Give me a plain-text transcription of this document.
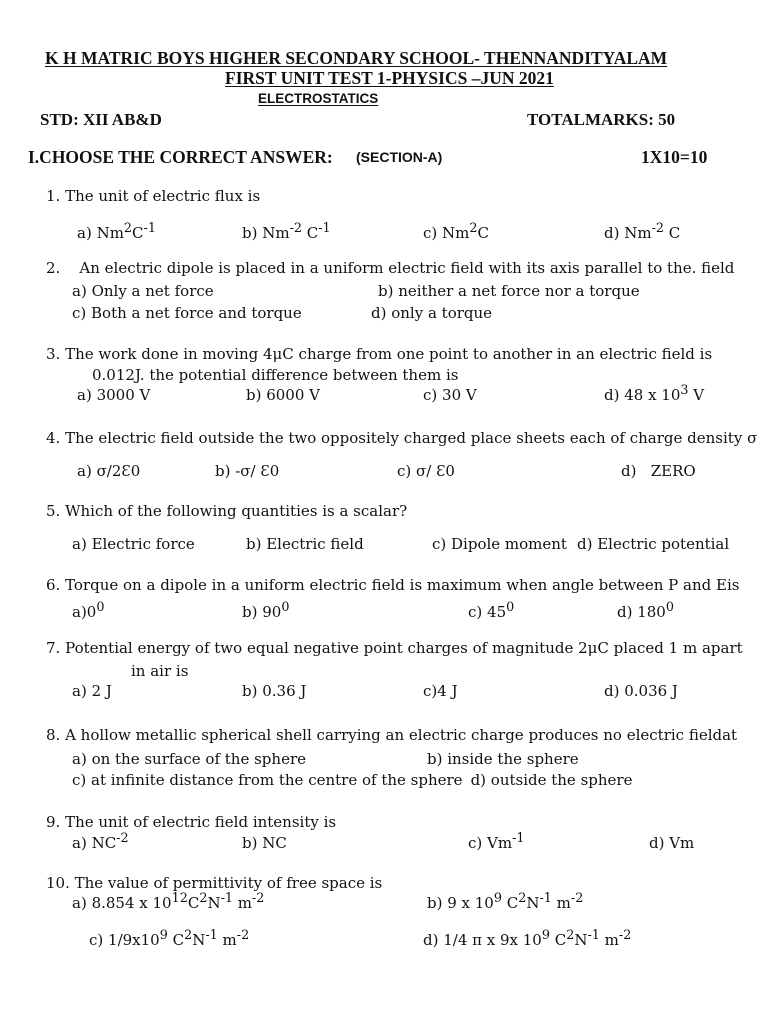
K H MATRIC BOYS HIGHER SECONDARY SCHOOL- THENNANDITYALAM
FIRST UNIT TEST 1-PHYSICS –JUN 2021
ELECTROSTATICS
STD: XII AB&D	TOTALMARKS: 50
I.CHOOSE THE CORRECT ANSWER: (SECTION-A)	1X10=10
1. The unit of electric flux is
a) $Nm^2C^{-1}$	b) $Nm^{-2}$ $C^{-1}$	c) Nm$^2$C	d) $Nm^{-2}$ C
2.    An electric dipole is placed in a uniform electric field with its axis parallel to the. field
a) Only a net force	b) neither a net force nor a torque
c) Both a net force and torque	d) only a torque
3. The work done in moving 4μC charge from one point to another in an electric field is
0.012J. the potential difference between them is
a) 3000 V	b) 6000 V	c) 30 V	d) 48 x $10^3$ V
4. The electric field outside the two oppositely charged place sheets each of charge density σ
a) σ/2Ɛ0	b) -σ/ Ɛ0	c) σ/ Ɛ0	d)   ZERO
5. Which of the following quantities is a scalar?
a) Electric force	b) Electric field	c) Dipole moment d) Electric potential
6. Torque on a dipole in a uniform electric field is maximum when angle between P and Eis
$a)0^0$	b) $90^0$	c) $45^0$	d) $180^0$
7. Potential energy of two equal negative point charges of magnitude 2μC placed 1 m apart
in air is
a) 2 J	b) 0.36 J	c)4 J	d) 0.036 J
8. A hollow metallic spherical shell carrying an electric charge produces no electric fieldat
a) on the surface of the sphere	b) inside the sphere
c) at infinite distance from the centre of the sphere d) outside the sphere
9. The unit of electric field intensity is
a) $NC^{-2}$	b) NC	c) $Vm^{-1}$	d) Vm
10. The value of permittivity of free space is
a) 8.854 x $10^{12}C^2N^{-1}$ $m^{-2}$	b) 9 x $10^9$ $C^2N^{-1}$ $m^{-2}$
c) $1/9x10^9$ $C^2N^{-1}$ $m^{-2}$	d) 1/4 π x 9x $10^9$ $C^2N^{-1}$ $m^{-2}$
